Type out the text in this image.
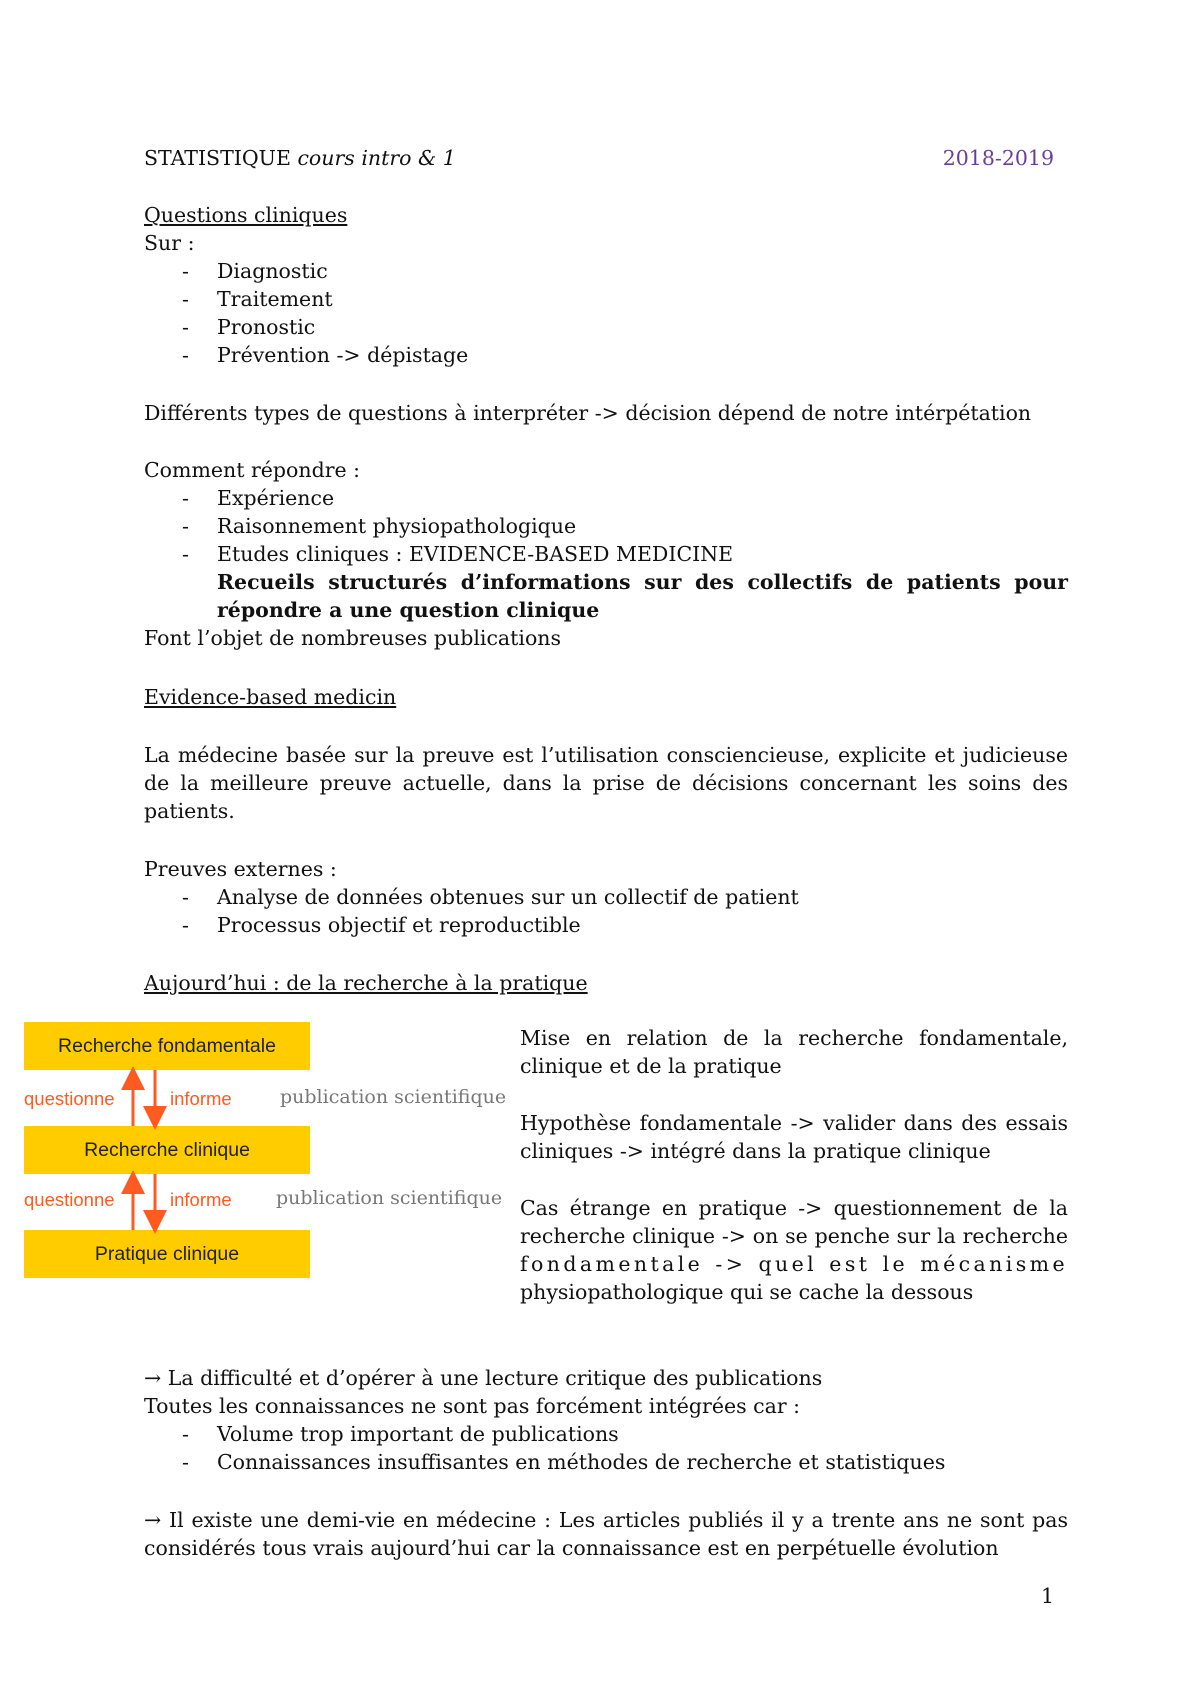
STATISTIQUE cours intro & 1	2018-2019
Questions cliniques
Sur :
- Diagnostic
- Traitement
- Pronostic
- Prévention -> dépistage
Différents types de questions à interpréter -> décision dépend de notre intérpétation
Comment répondre :
- Expérience
- Raisonnement physiopathologique
- Etudes cliniques : EVIDENCE-BASED MEDICINE
Recueils structurés d’informations sur des collectifs de patients pour
répondre a une question clinique
Font l’objet de nombreuses publications
Evidence-based medicin
La médecine basée sur la preuve est l’utilisation consciencieuse, explicite et judicieuse
de la meilleure preuve actuelle, dans la prise de décisions concernant les soins des
patients.
Preuves externes :
- Analyse de données obtenues sur un collectif de patient
- Processus objectif et reproductible
Aujourd’hui : de la recherche à la pratique
Recherche fondamentale
Recherche clinique
Pratique clinique
questionne	informe	publication scientifique
questionne	informe publication scientifique
Mise en relation de la recherche fondamentale,
clinique et de la pratique
Hypothèse fondamentale -> valider dans des essais
cliniques -> intégré dans la pratique clinique
Cas étrange en pratique -> questionnement de la
recherche clinique -> on se penche sur la recherche
fondamentale -> quel est le mécanisme
physiopathologique qui se cache la dessous
→ La difficulté et d’opérer à une lecture critique des publications
Toutes les connaissances ne sont pas forcément intégrées car :
- Volume trop important de publications
- Connaissances insuffisantes en méthodes de recherche et statistiques
→ Il existe une demi-vie en médecine : Les articles publiés il y a trente ans ne sont pas
considérés tous vrais aujourd’hui car la connaissance est en perpétuelle évolution
1
